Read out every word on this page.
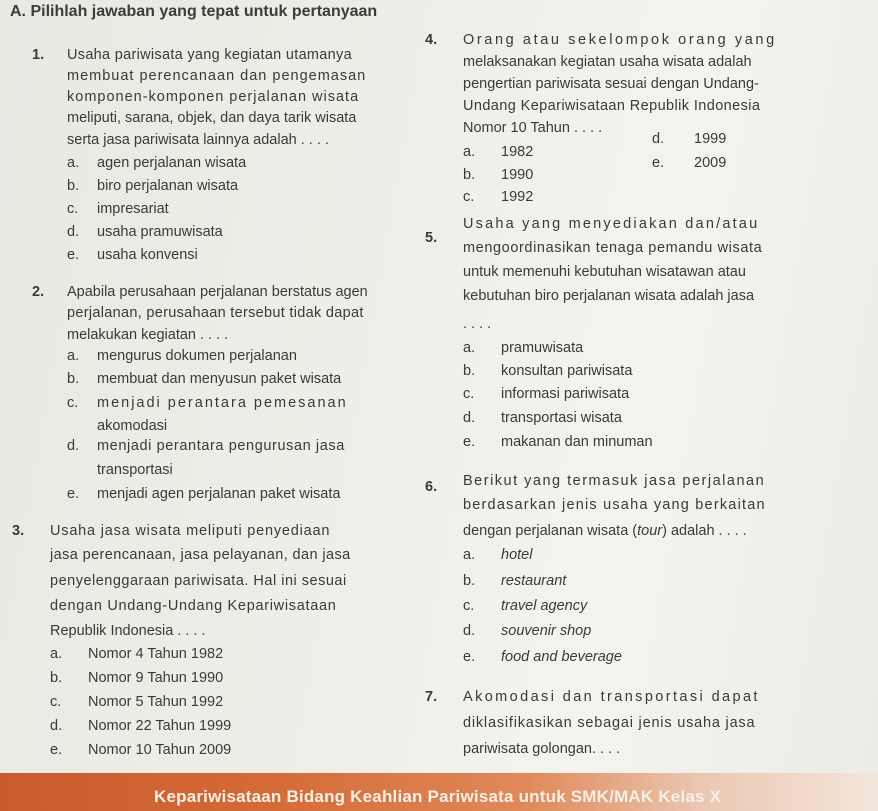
A. Pilihlah jawaban yang tepat untuk pertanyaan
1. Usaha pariwisata yang kegiatan utamanya
membuat perencanaan dan pengemasan
komponen-komponen perjalanan wisata
meliputi, sarana, objek, dan daya tarik wisata
serta jasa pariwisata lainnya adalah . . . .
a. agen perjalanan wisata
b. biro perjalanan wisata
c. impresariat
d. usaha pramuwisata
e. usaha konvensi
2. Apabila perusahaan perjalanan berstatus agen
perjalanan, perusahaan tersebut tidak dapat
melakukan kegiatan . . . .
a. mengurus dokumen perjalanan
b. membuat dan menyusun paket wisata
c. menjadi perantara pemesanan
akomodasi
d. menjadi perantara pengurusan jasa
transportasi
e. menjadi agen perjalanan paket wisata
3. Usaha jasa wisata meliputi penyediaan
jasa perencanaan, jasa pelayanan, dan jasa
penyelenggaraan pariwisata. Hal ini sesuai
dengan Undang-Undang Kepariwisataan
Republik Indonesia . . . .
a. Nomor 4 Tahun 1982
b. Nomor 9 Tahun 1990
c. Nomor 5 Tahun 1992
d. Nomor 22 Tahun 1999
e. Nomor 10 Tahun 2009
4. Orang atau sekelompok orang yang
melaksanakan kegiatan usaha wisata adalah
pengertian pariwisata sesuai dengan Undang-
Undang Kepariwisataan Republik Indonesia
Nomor 10 Tahun . . . .
a. 1982
b. 1990
c. 1992
d. 1999
e. 2009
5.
Usaha yang menyediakan dan/atau
mengoordinasikan tenaga pemandu wisata
untuk memenuhi kebutuhan wisatawan atau
kebutuhan biro perjalanan wisata adalah jasa
. . . .
a. pramuwisata
b. konsultan pariwisata
c. informasi pariwisata
d. transportasi wisata
e. makanan dan minuman
6. Berikut yang termasuk jasa perjalanan
berdasarkan jenis usaha yang berkaitan
dengan perjalanan wisata (tour) adalah . . . .
a. hotel
b. restaurant
c. travel agency
d. souvenir shop
e. food and beverage
7. Akomodasi dan transportasi dapat
diklasifikasikan sebagai jenis usaha jasa
pariwisata golongan. . . .
Kepariwisataan Bidang Keahlian Pariwisata untuk SMK/MAK Kelas X
